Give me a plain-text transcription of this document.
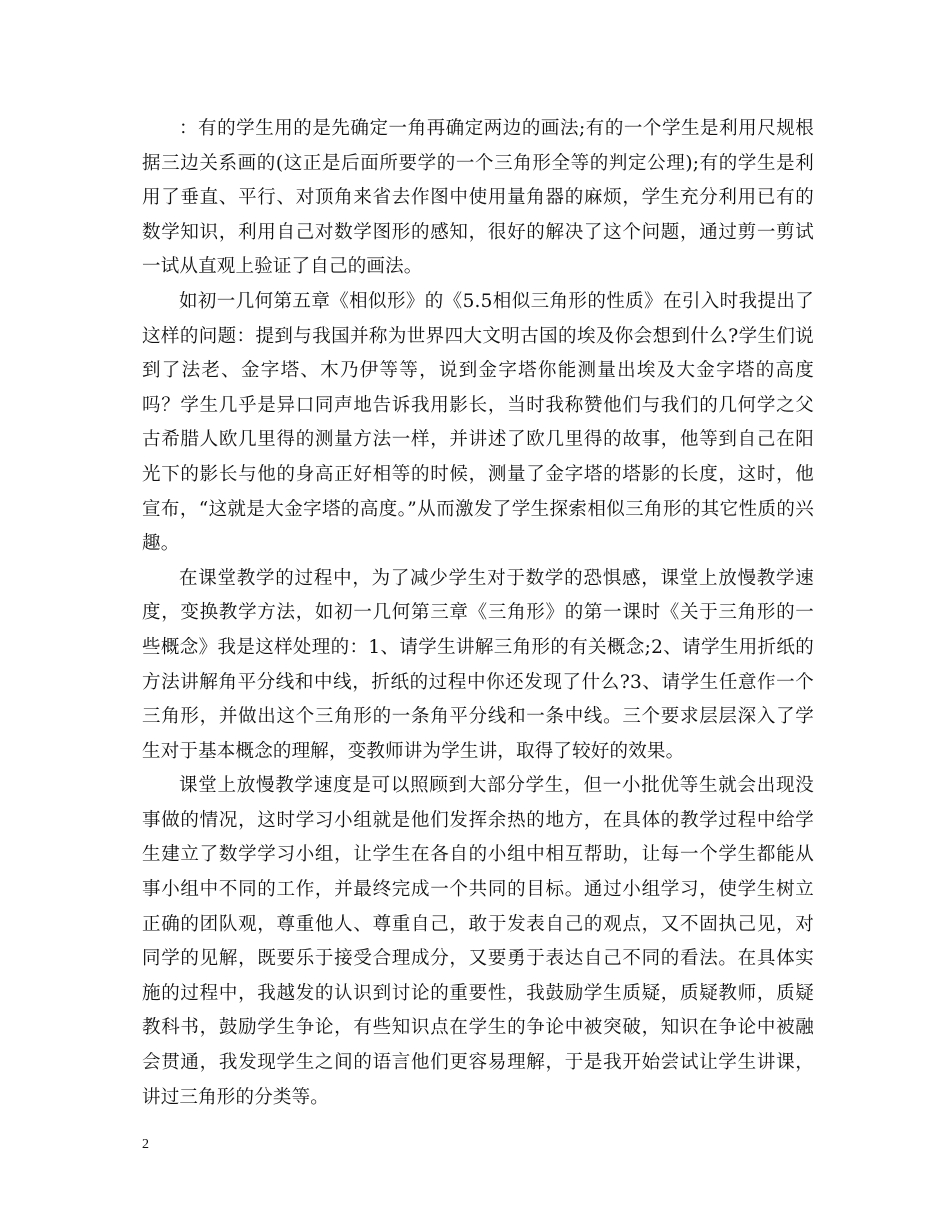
：有的学生用的是先确定一角再确定两边的画法;有的一个学生是利用尺规根据三边关系画的(这正是后面所要学的一个三角形全等的判定公理);有的学生是利用了垂直、平行、对顶角来省去作图中使用量角器的麻烦，学生充分利用已有的数学知识，利用自己对数学图形的感知，很好的解决了这个问题，通过剪一剪试一试从直观上验证了自己的画法。

如初一几何第五章《相似形》的《5.5相似三角形的性质》在引入时我提出了这样的问题：提到与我国并称为世界四大文明古国的埃及你会想到什么?学生们说到了法老、金字塔、木乃伊等等，说到金字塔你能测量出埃及大金字塔的高度吗？学生几乎是异口同声地告诉我用影长，当时我称赞他们与我们的几何学之父古希腊人欧几里得的测量方法一样，并讲述了欧几里得的故事，他等到自己在阳光下的影长与他的身高正好相等的时候，测量了金字塔的塔影的长度，这时，他宣布，“这就是大金字塔的高度。”从而激发了学生探索相似三角形的其它性质的兴趣。

在课堂教学的过程中，为了减少学生对于数学的恐惧感，课堂上放慢教学速度，变换教学方法，如初一几何第三章《三角形》的第一课时《关于三角形的一些概念》我是这样处理的：1、请学生讲解三角形的有关概念;2、请学生用折纸的方法讲解角平分线和中线，折纸的过程中你还发现了什么?3、请学生任意作一个三角形，并做出这个三角形的一条角平分线和一条中线。三个要求层层深入了学生对于基本概念的理解，变教师讲为学生讲，取得了较好的效果。

课堂上放慢教学速度是可以照顾到大部分学生，但一小批优等生就会出现没事做的情况，这时学习小组就是他们发挥余热的地方，在具体的教学过程中给学生建立了数学学习小组，让学生在各自的小组中相互帮助，让每一个学生都能从事小组中不同的工作，并最终完成一个共同的目标。通过小组学习，使学生树立正确的团队观，尊重他人、尊重自己，敢于发表自己的观点，又不固执己见，对同学的见解，既要乐于接受合理成分，又要勇于表达自己不同的看法。在具体实施的过程中，我越发的认识到讨论的重要性，我鼓励学生质疑，质疑教师，质疑教科书，鼓励学生争论，有些知识点在学生的争论中被突破，知识在争论中被融会贯通，我发现学生之间的语言他们更容易理解，于是我开始尝试让学生讲课，讲过三角形的分类等。

2
